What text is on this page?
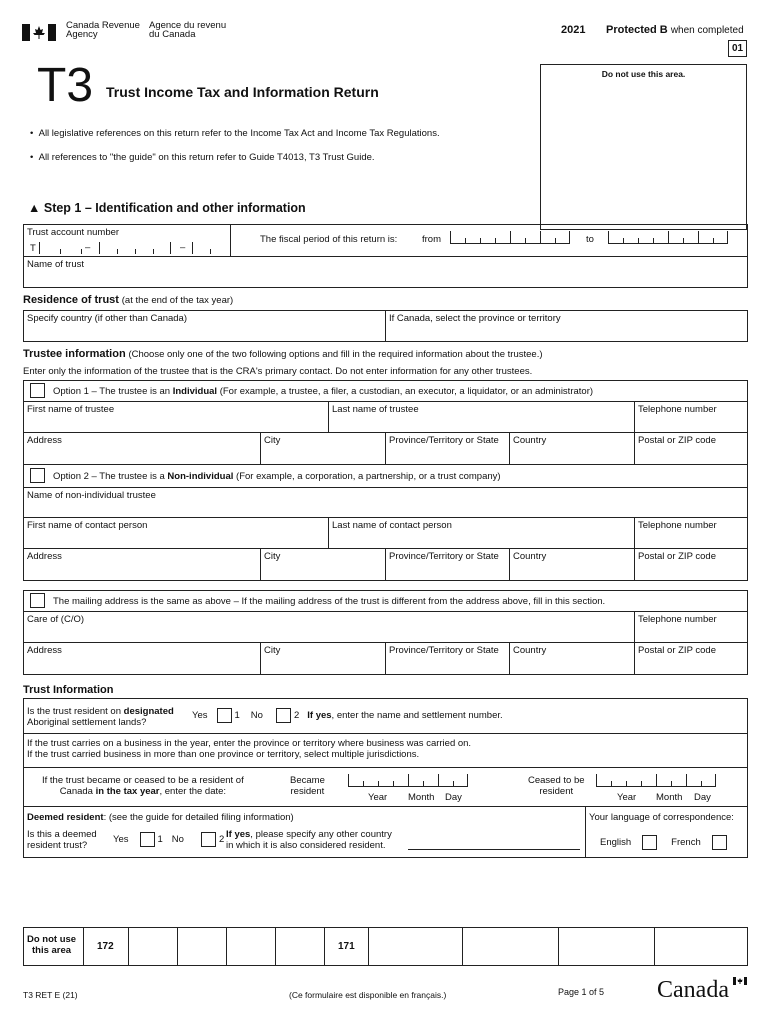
Canada Revenue
Agency
Agence du revenu
du Canada	2021 Protected B when completed
01
Do not use this area.
T3 Trust Income Tax and Information Return
• All legislative references on this return refer to the Income Tax Act and Income Tax Regulations.
• All references to "the guide" on this return refer to Guide T4013, T3 Trust Guide.
▲ Step 1 – Identification and other information
Trust account number
T	–	–
The fiscal period of this return is:	from	to
Name of trust
Residence of trust (at the end of the tax year)
Specify country (if other than Canada)	If Canada, select the province or territory
Trustee information (Choose only one of the two following options and fill in the required information about the trustee.)
Enter only the information of the trustee that is the CRA's primary contact. Do not enter information for any other trustees.
Option 1 – The trustee is an Individual (For example, a trustee, a filer, a custodian, an executor, a liquidator, or an administrator)
First name of trustee	Last name of trustee	Telephone number
Address	City	Province/Territory or State	Country	Postal or ZIP code
Option 2 – The trustee is a Non-individual (For example, a corporation, a partnership, or a trust company)
Name of non-individual trustee
First name of contact person	Last name of contact person	Telephone number
Address	City	Province/Territory or State	Country	Postal or ZIP code
The mailing address is the same as above – If the mailing address of the trust is different from the address above, fill in this section.
Care of (C/O)	Telephone number
Address	City	Province/Territory or State	Country	Postal or ZIP code
Trust Information
Is the trust resident on designated
Aboriginal settlement lands?
Yes	1 No	2 If yes, enter the name and settlement number.
If the trust carries on a business in the year, enter the province or territory where business was carried on.
If the trust carried business in more than one province or territory, select multiple jurisdictions.
If the trust became or ceased to be a resident of
Canada in the tax year, enter the date:
Became
resident
Year Month Day
Ceased to be
resident
Year Month Day
Deemed resident: (see the guide for detailed filing information)
Is this a deemed
resident trust?
Yes	1 No	2 If yes, please specify any other country
in which it is also considered resident.
Your language of correspondence:
English	French
Do not use
this area	172	171
T3 RET E (21)	(Ce formulaire est disponible en français.)	Page 1 of 5 Canada
